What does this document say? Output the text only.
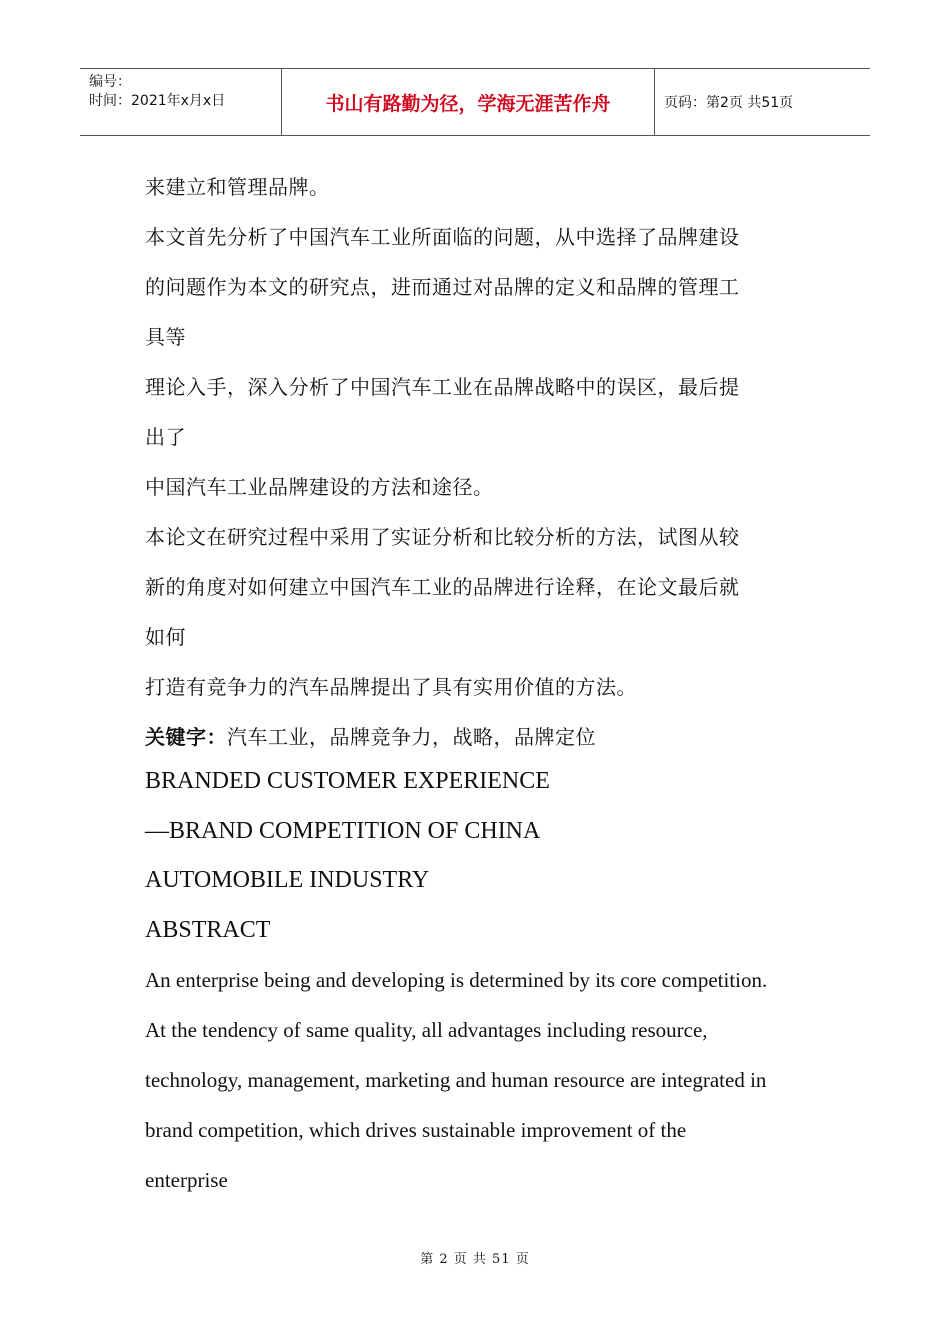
编号：
时间：2021年x月x日	书山有路勤为径，学海无涯苦作舟	页码：第2页 共51页
来建立和管理品牌。
本文首先分析了中国汽车工业所面临的问题，从中选择了品牌建设
的问题作为本文的研究点，进而通过对品牌的定义和品牌的管理工
具等
理论入手，深入分析了中国汽车工业在品牌战略中的误区，最后提
出了
中国汽车工业品牌建设的方法和途径。
本论文在研究过程中采用了实证分析和比较分析的方法，试图从较
新的角度对如何建立中国汽车工业的品牌进行诠释，在论文最后就
如何
打造有竞争力的汽车品牌提出了具有实用价值的方法。
关键字：汽车工业，品牌竞争力，战略，品牌定位
BRANDED CUSTOMER EXPERIENCE
—BRAND COMPETITION OF CHINA
AUTOMOBILE INDUSTRY
ABSTRACT
An enterprise being and developing is determined by its core competition.
At the tendency of same quality, all advantages including resource,
technology, management, marketing and human resource are integrated in
brand competition, which drives sustainable improvement of the
enterprise
第 2 页 共 51 页
